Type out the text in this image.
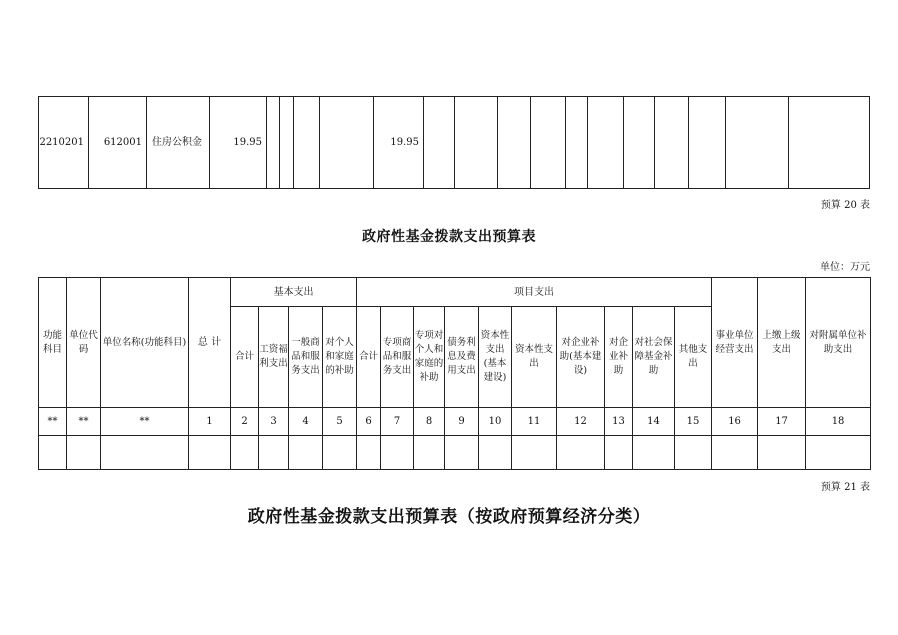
2210201	612001	住房公积金	19.95					19.95											
预算 20 表
政府性基金拨款支出预算表
单位：万元
功能科目	单位代码	单位名称(功能科目)	总 计	基本支出				项目支出										事业单位经营支出	上缴上级支出	对附属单位补助支出
				合计	工资福利支出	一般商品和服务支出	对个人和家庭的补助	合计	专项商品和服务支出	专项对个人和家庭的补助	债务利息及费用支出	资本性支出(基本建设)	资本性支出	对企业补助(基本建设)	对企业补助	对社会保障基金补助	其他支出			
**	**	**	1	2	3	4	5	6	7	8	9	10	11	12	13	14	15	16	17	18

预算 21 表
政府性基金拨款支出预算表（按政府预算经济分类）
